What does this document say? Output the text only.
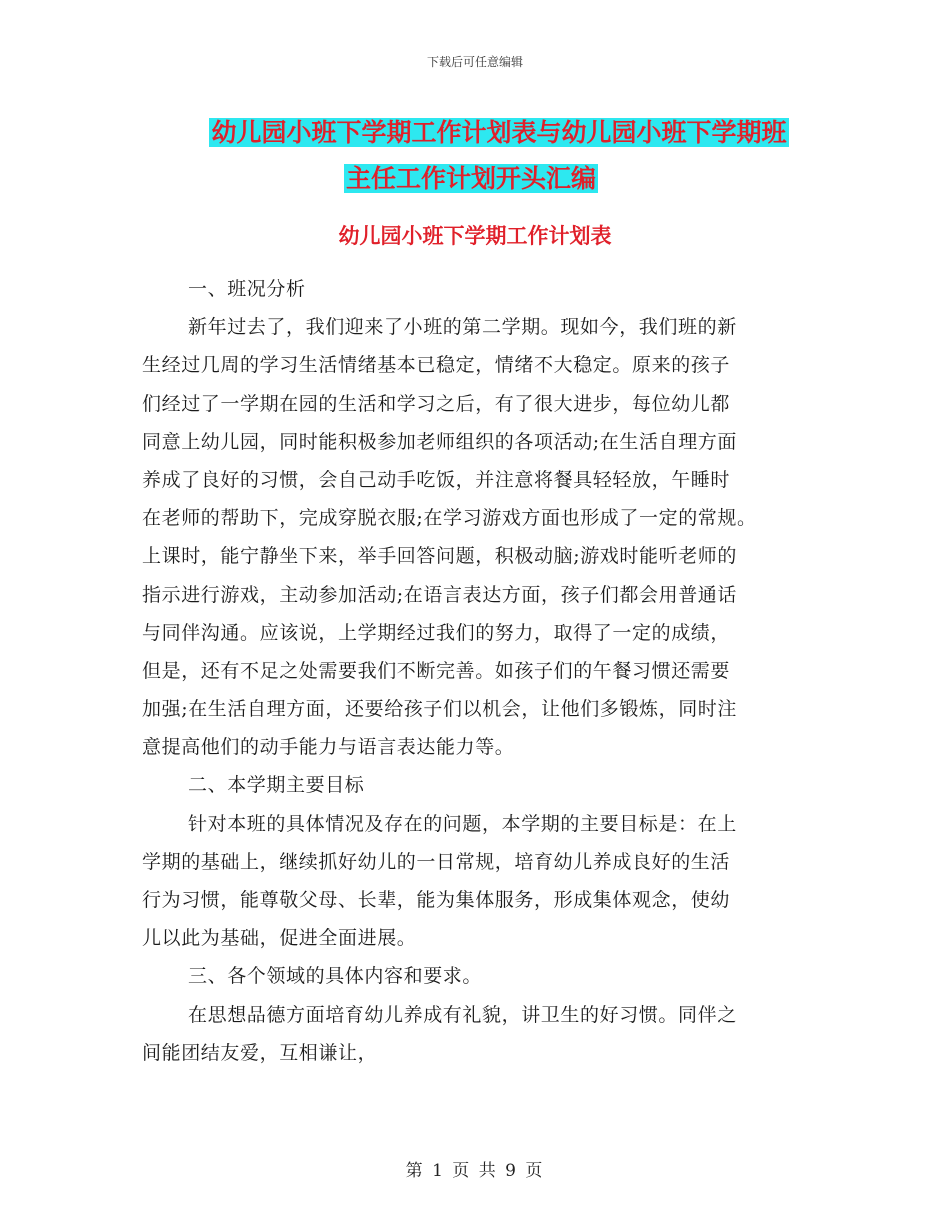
下载后可任意编辑
幼儿园小班下学期工作计划表与幼儿园小班下学期班
主任工作计划开头汇编
幼儿园小班下学期工作计划表
一、班况分析
新年过去了，我们迎来了小班的第二学期。现如今，我们班的新
生经过几周的学习生活情绪基本已稳定，情绪不大稳定。原来的孩子
们经过了一学期在园的生活和学习之后，有了很大进步，每位幼儿都
同意上幼儿园，同时能积极参加老师组织的各项活动;在生活自理方面
养成了良好的习惯，会自己动手吃饭，并注意将餐具轻轻放，午睡时
在老师的帮助下，完成穿脱衣服;在学习游戏方面也形成了一定的常规。
上课时，能宁静坐下来，举手回答问题，积极动脑;游戏时能听老师的
指示进行游戏，主动参加活动;在语言表达方面，孩子们都会用普通话
与同伴沟通。应该说，上学期经过我们的努力，取得了一定的成绩，
但是，还有不足之处需要我们不断完善。如孩子们的午餐习惯还需要
加强;在生活自理方面，还要给孩子们以机会，让他们多锻炼，同时注
意提高他们的动手能力与语言表达能力等。
二、本学期主要目标
针对本班的具体情况及存在的问题，本学期的主要目标是：在上
学期的基础上，继续抓好幼儿的一日常规，培育幼儿养成良好的生活
行为习惯，能尊敬父母、长辈，能为集体服务，形成集体观念，使幼
儿以此为基础，促进全面进展。
三、各个领域的具体内容和要求。
在思想品德方面培育幼儿养成有礼貌，讲卫生的好习惯。同伴之
间能团结友爱，互相谦让，
第 1 页 共 9 页
